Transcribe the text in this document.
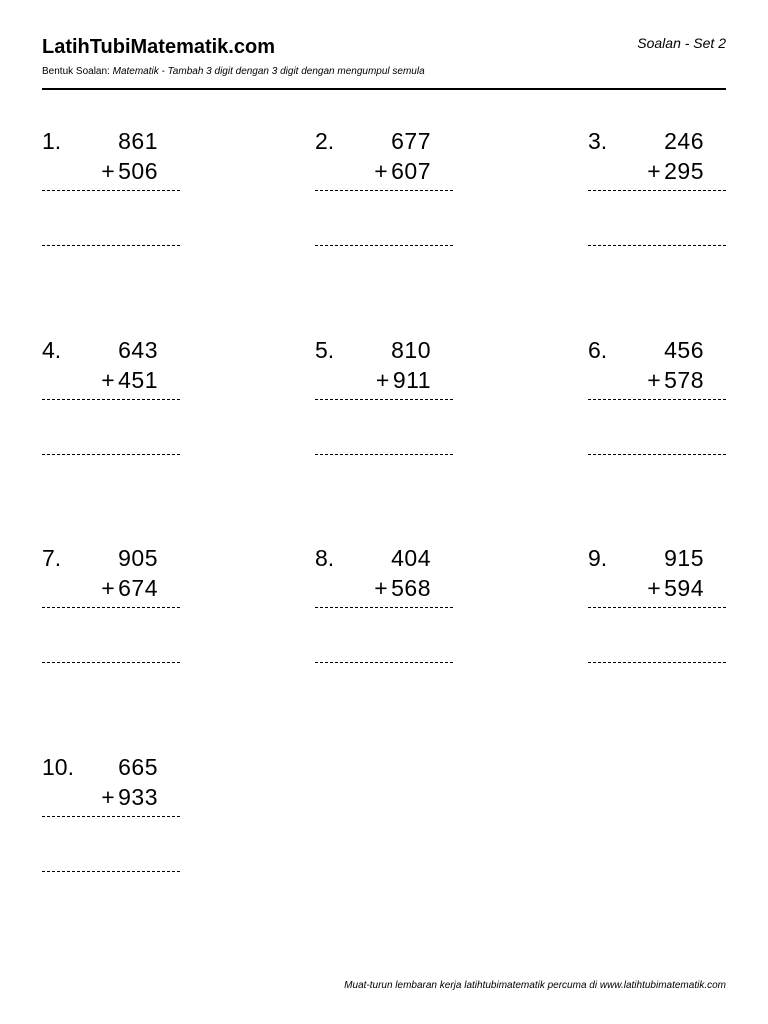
LatihTubiMatematik.com	Soalan - Set 2
Bentuk Soalan: Matematik - Tambah 3 digit dengan 3 digit dengan mengumpul semula
1. 861
+ 506
2. 677
+ 607
3. 246
+ 295
4. 643
+ 451
5. 810
+ 911
6. 456
+ 578
7. 905
+ 674
8. 404
+ 568
9. 915
+ 594
10. 665
+ 933
Muat-turun lembaran kerja latihtubimatematik percuma di www.latihtubimatematik.com
